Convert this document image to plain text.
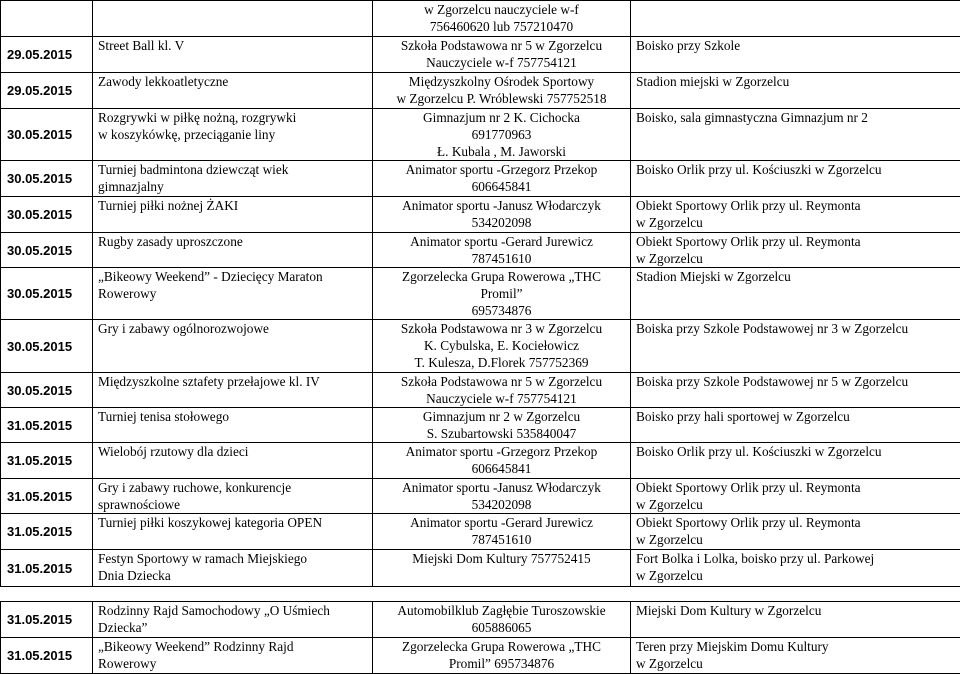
		w Zgorzelcu nauczyciele w-f
756460620 lub 757210470	

29.05.2015	Street Ball kl. V	Szkoła Podstawowa nr 5 w Zgorzelcu
Nauczyciele w-f 757754121	Boisko przy Szkole

29.05.2015	Zawody lekkoatletyczne	Międzyszkolny Ośrodek Sportowy
w Zgorzelcu P. Wróblewski 757752518	Stadion miejski w Zgorzelcu

30.05.2015	Rozgrywki w piłkę nożną, rozgrywki
w koszykówkę, przeciąganie liny	Gimnazjum nr 2 K. Cichocka
691770963
Ł. Kubala , M. Jaworski	Boisko, sala gimnastyczna Gimnazjum nr 2

30.05.2015	Turniej badmintona dziewcząt wiek
gimnazjalny	Animator sportu -Grzegorz Przekop
606645841	Boisko Orlik przy ul. Kościuszki w Zgorzelcu

30.05.2015	Turniej piłki nożnej ŻAKI	Animator sportu -Janusz Włodarczyk
534202098	Obiekt Sportowy Orlik przy ul. Reymonta
w Zgorzelcu

30.05.2015	Rugby zasady uproszczone	Animator sportu -Gerard Jurewicz
787451610	Obiekt Sportowy Orlik przy ul. Reymonta
w Zgorzelcu

30.05.2015	„Bikeowy Weekend” - Dziecięcy Maraton
Rowerowy	Zgorzelecka Grupa Rowerowa „THC
Promil”
695734876	Stadion Miejski w Zgorzelcu

30.05.2015	Gry i zabawy ogólnorozwojowe	Szkoła Podstawowa nr 3 w Zgorzelcu
K. Cybulska, E. Kociełowicz
T. Kulesza, D.Florek 757752369	Boiska przy Szkole Podstawowej nr 3 w Zgorzelcu

30.05.2015	Międzyszkolne sztafety przełajowe kl. IV	Szkoła Podstawowa nr 5 w Zgorzelcu
Nauczyciele w-f 757754121	Boiska przy Szkole Podstawowej nr 5 w Zgorzelcu

31.05.2015	Turniej tenisa stołowego	Gimnazjum nr 2 w Zgorzelcu
S. Szubartowski 535840047	Boisko przy hali sportowej w Zgorzelcu

31.05.2015	Wielobój rzutowy dla dzieci	Animator sportu -Grzegorz Przekop
606645841	Boisko Orlik przy ul. Kościuszki w Zgorzelcu

31.05.2015	Gry i zabawy ruchowe, konkurencje
sprawnościowe	Animator sportu -Janusz Włodarczyk
534202098	Obiekt Sportowy Orlik przy ul. Reymonta
w Zgorzelcu

31.05.2015	Turniej piłki koszykowej kategoria OPEN	Animator sportu -Gerard Jurewicz
787451610	Obiekt Sportowy Orlik przy ul. Reymonta
w Zgorzelcu

31.05.2015	Festyn Sportowy w ramach Miejskiego
Dnia Dziecka	Miejski Dom Kultury 757752415	Fort Bolka i Lolka, boisko przy ul. Parkowej
w Zgorzelcu

31.05.2015	Rodzinny Rajd Samochodowy „O Uśmiech
Dziecka”	Automobilklub Zagłębie Turoszowskie
605886065	Miejski Dom Kultury w Zgorzelcu

31.05.2015	„Bikeowy Weekend” Rodzinny Rajd
Rowerowy	Zgorzelecka Grupa Rowerowa „THC
Promil” 695734876	Teren przy Miejskim Domu Kultury
w Zgorzelcu
